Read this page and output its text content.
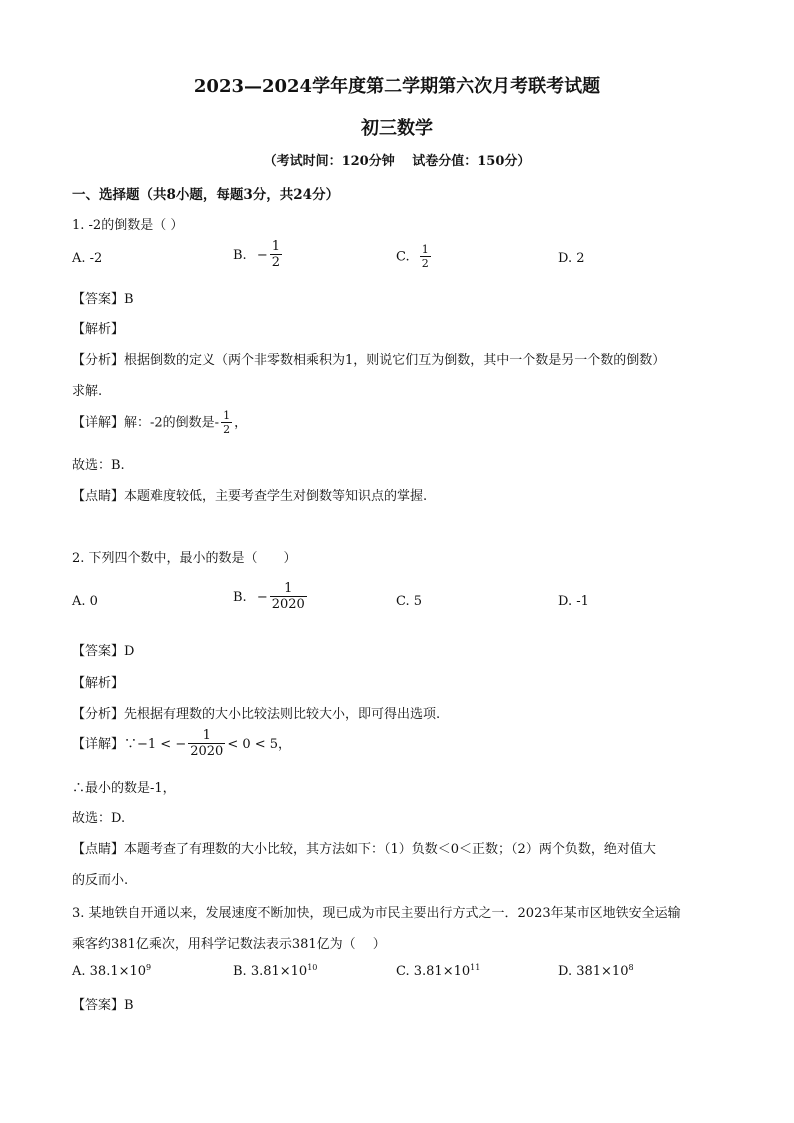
2023—2024学年度第二学期第六次月考联考试题
初三数学
（考试时间：120分钟　 试卷分值：150分）
一、选择题（共8小题，每题3分，共24分）
1. -2的倒数是（ ）
A. -2	B. − $\frac{1}{2}$	C. $\frac{1}{2}$	D. 2
【答案】B
【解析】
【分析】根据倒数的定义（两个非零数相乘积为1，则说它们互为倒数，其中一个数是另一个数的倒数）
求解.
【详解】解：-2的倒数是- $\frac{1}{2}$ ，
故选：B.
【点睛】本题难度较低，主要考查学生对倒数等知识点的掌握.
2. 下列四个数中，最小的数是（　　）
A. 0	B. − $\frac{1}{2020}$	C. 5	D. -1
【答案】D
【解析】
【分析】先根据有理数的大小比较法则比较大小，即可得出选项.
【详解】∵−1 < − $\frac{1}{2020} < 0 < 5$，
∴最小的数是-1，
故选：D.
【点睛】本题考查了有理数的大小比较，其方法如下：（1）负数＜0＜正数；（2）两个负数，绝对值大
的反而小.
3. 某地铁自开通以来，发展速度不断加快，现已成为市民主要出行方式之一．2023年某市区地铁安全运输
乘客约381亿乘次，用科学记数法表示381亿为（　 ）
A. $38.1\times 10^9$	B. $3.81\times 10^{10}$	C. $3.81\times 10^{11}$	D. $381\times 10^8$
【答案】B
